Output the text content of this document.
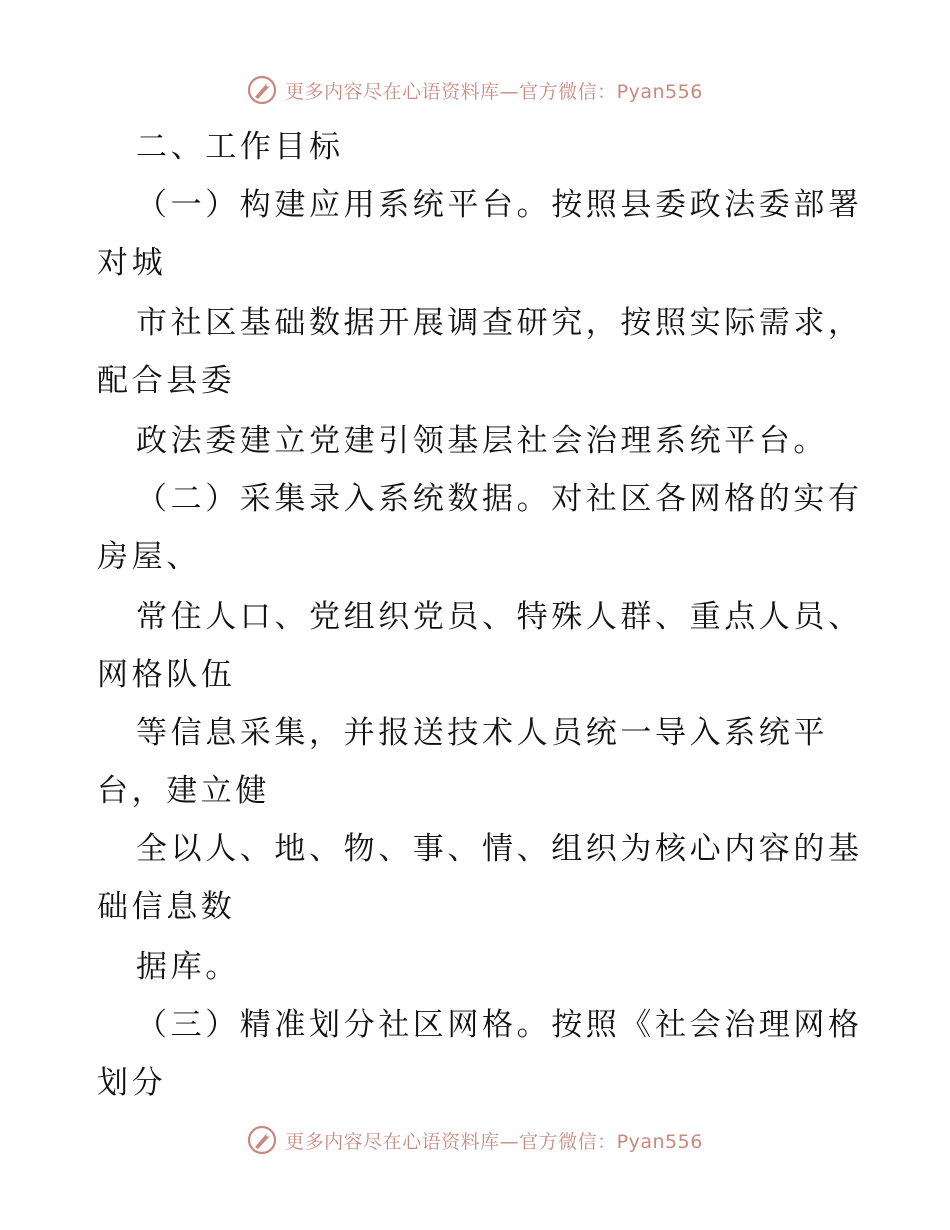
更多内容尽在心语资料库—官方微信：Pyan556
二、工作目标
（一）构建应用系统平台。按照县委政法委部署
对城
市社区基础数据开展调查研究，按照实际需求，
配合县委
政法委建立党建引领基层社会治理系统平台。
（二）采集录入系统数据。对社区各网格的实有
房屋、
常住人口、党组织党员、特殊人群、重点人员、
网格队伍
等信息采集，并报送技术人员统一导入系统平
台，建立健
全以人、地、物、事、情、组织为核心内容的基
础信息数
据库。
（三）精准划分社区网格。按照《社会治理网格
划分
更多内容尽在心语资料库—官方微信：Pyan556
